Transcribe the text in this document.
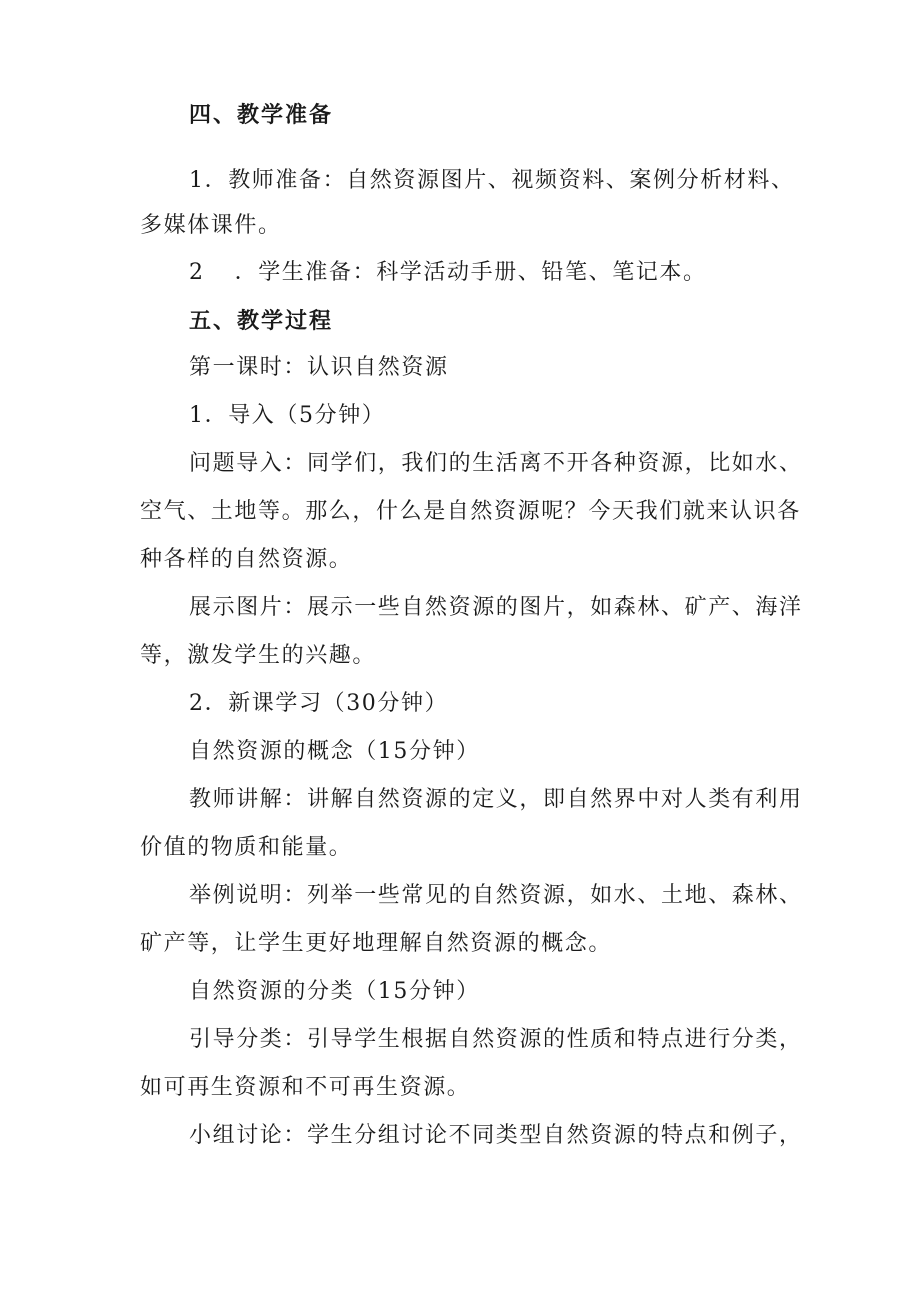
四、教学准备
1．教师准备：自然资源图片、视频资料、案例分析材料、
多媒体课件。
2 ．学生准备：科学活动手册、铅笔、笔记本。
五、教学过程
第一课时：认识自然资源
1．导入（5分钟）
问题导入：同学们，我们的生活离不开各种资源，比如水、
空气、土地等。那么，什么是自然资源呢？今天我们就来认识各
种各样的自然资源。
展示图片：展示一些自然资源的图片，如森林、矿产、海洋
等，激发学生的兴趣。
2．新课学习（30分钟）
自然资源的概念（15分钟）
教师讲解：讲解自然资源的定义，即自然界中对人类有利用
价值的物质和能量。
举例说明：列举一些常见的自然资源，如水、土地、森林、
矿产等，让学生更好地理解自然资源的概念。
自然资源的分类（15分钟）
引导分类：引导学生根据自然资源的性质和特点进行分类，
如可再生资源和不可再生资源。
小组讨论：学生分组讨论不同类型自然资源的特点和例子，
